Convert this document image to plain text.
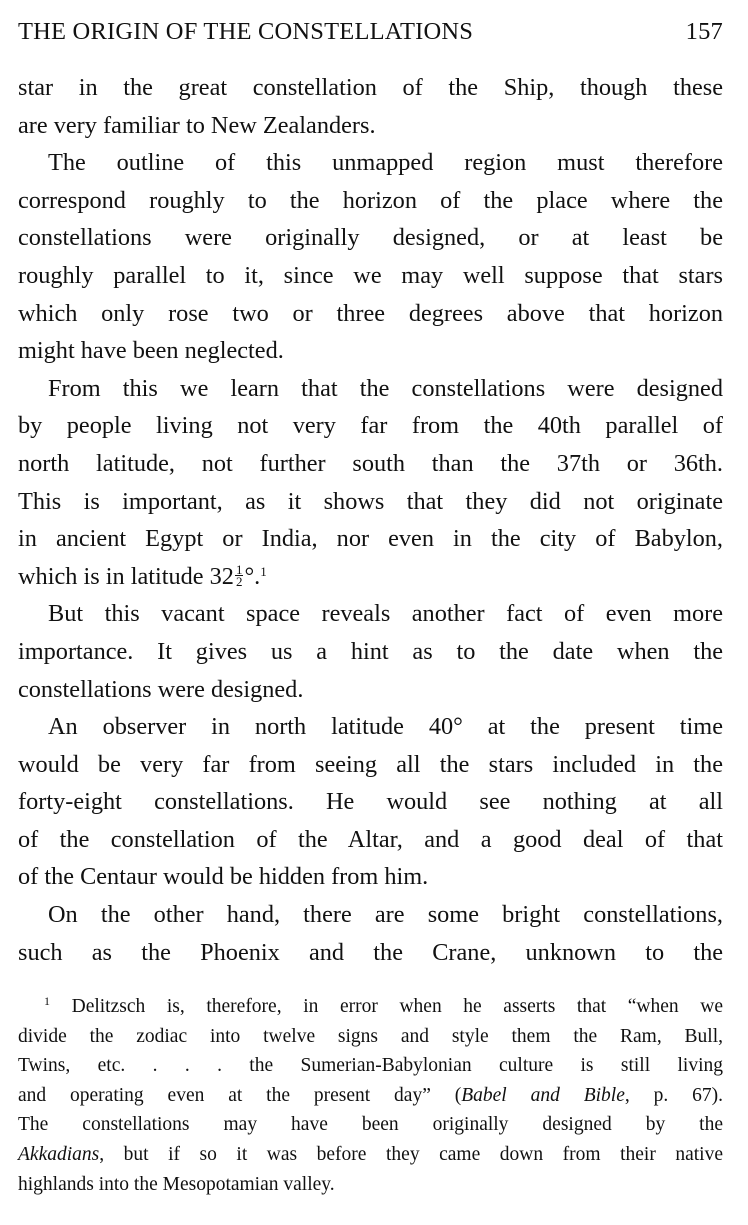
THE ORIGIN OF THE CONSTELLATIONS	157
star in the great constellation of the Ship, though these
are very familiar to New Zealanders.
The outline of this unmapped region must therefore
correspond roughly to the horizon of the place where the
constellations were originally designed, or at least be
roughly parallel to it, since we may well suppose that stars
which only rose two or three degrees above that horizon
might have been neglected.
From this we learn that the constellations were designed
by people living not very far from the 40th parallel of
north latitude, not further south than the 37th or 36th.
This is important, as it shows that they did not originate
in ancient Egypt or India, nor even in the city of Babylon,
which is in latitude $32 \frac{1}{2} ^\circ.^1$
But this vacant space reveals another fact of even more
importance. It gives us a hint as to the date when the
constellations were designed.
An observer in north latitude 40° at the present time
would be very far from seeing all the stars included in the
forty-eight constellations. He would see nothing at all
of the constellation of the Altar, and a good deal of that
of the Centaur would be hidden from him.
On the other hand, there are some bright constellations,
such as the Phoenix and the Crane, unknown to the
$^1$ Delitzsch is, therefore, in error when he asserts that “when we
divide the zodiac into twelve signs and style them the Ram, Bull,
Twins, etc. . . . the Sumerian-Babylonian culture is still living
and operating even at the present day” (Babel and Bible, p. 67).
The constellations may have been originally designed by the
Akkadians, but if so it was before they came down from their native
highlands into the Mesopotamian valley.
